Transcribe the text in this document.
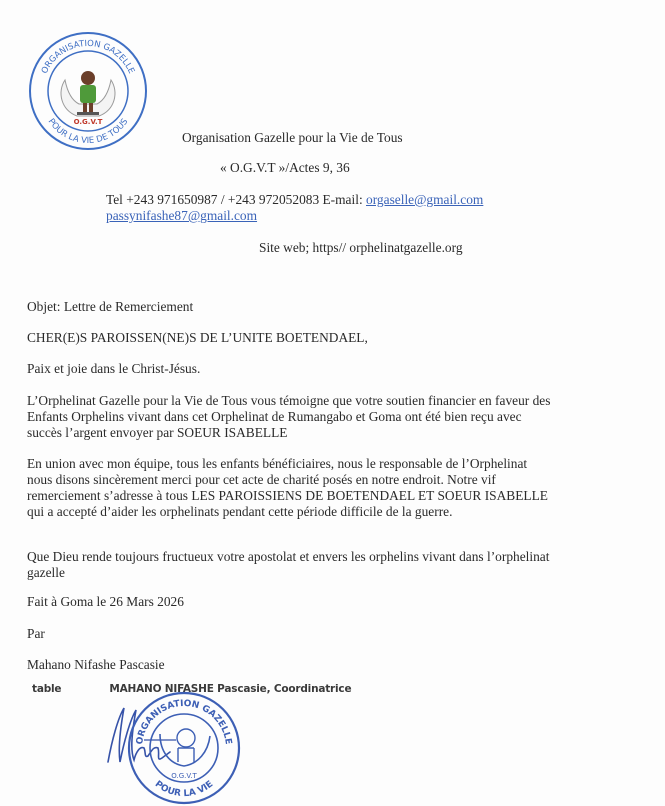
ORGANISATION GAZELLE
POUR LA VIE DE TOUS
O.G.V.T
Organisation Gazelle pour la Vie de Tous
« O.G.V.T »/Actes 9, 36
Tel +243 971650987 / +243 972052083 E-mail: orgaselle@gmail.com
passynifashe87@gmail.com
Site web; https// orphelinatgazelle.org
Objet: Lettre de Remerciement
CHER(E)S PAROISSEN(NE)S DE L’UNITE BOETENDAEL,
Paix et joie dans le Christ-Jésus.
L’Orphelinat Gazelle pour la Vie de Tous vous témoigne que votre soutien financier en faveur des
Enfants Orphelins vivant dans cet Orphelinat de Rumangabo et Goma ont été bien reçu avec
succès l’argent envoyer par SOEUR ISABELLE
En union avec mon équipe, tous les enfants bénéficiaires, nous le responsable de l’Orphelinat
nous disons sincèrement merci pour cet acte de charité posés en notre endroit. Notre vif
remerciement s’adresse à tous LES PAROISSIENS DE BOETENDAEL ET SOEUR ISABELLE
qui a accepté d’aider les orphelinats pendant cette période difficile de la guerre.
Que Dieu rende toujours fructueux votre apostolat et envers les orphelins vivant dans l’orphelinat
gazelle
Fait à Goma le 26 Mars 2026
Par
Mahano Nifashe Pascasie
table	MAHANO NIFASHE Pascasie, Coordinatrice
ORGANISATION GAZELLE
POUR LA VIE
O.G.V.T
